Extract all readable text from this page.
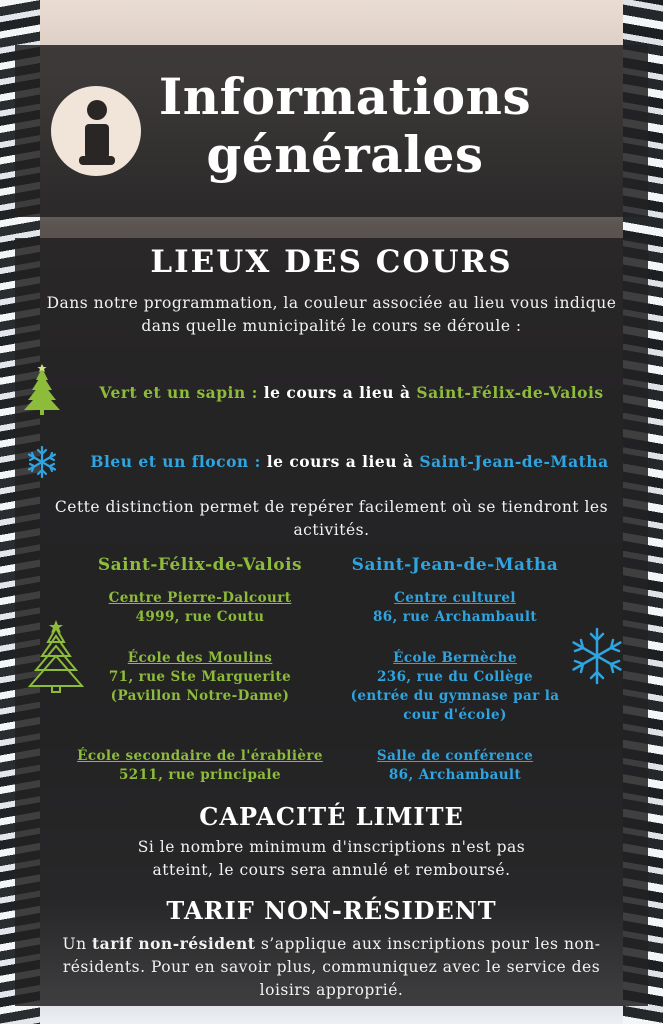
Informations
générales
LIEUX DES COURS
Dans notre programmation, la couleur associée au lieu vous indique dans quelle municipalité le cours se déroule :
Vert et un sapin : le cours a lieu à Saint-Félix-de-Valois
Bleu et un flocon : le cours a lieu à Saint-Jean-de-Matha
Cette distinction permet de repérer facilement où se tiendront les activités.
Saint-Félix-de-Valois	Saint-Jean-de-Matha
Centre Pierre-Dalcourt
4999, rue Coutu
École des Moulins
71, rue Ste Marguerite
(Pavillon Notre-Dame)
École secondaire de l'érablière
5211, rue principale
Centre culturel
86, rue Archambault
École Bernèche
236, rue du Collège
(entrée du gymnase par la
cour d'école)
Salle de conférence
86, Archambault
CAPACITÉ LIMITE
Si le nombre minimum d'inscriptions n'est pas atteint, le cours sera annulé et remboursé.
TARIF NON-RÉSIDENT
Un tarif non-résident s’applique aux inscriptions pour les non-résidents. Pour en savoir plus, communiquez avec le service des loisirs approprié.
